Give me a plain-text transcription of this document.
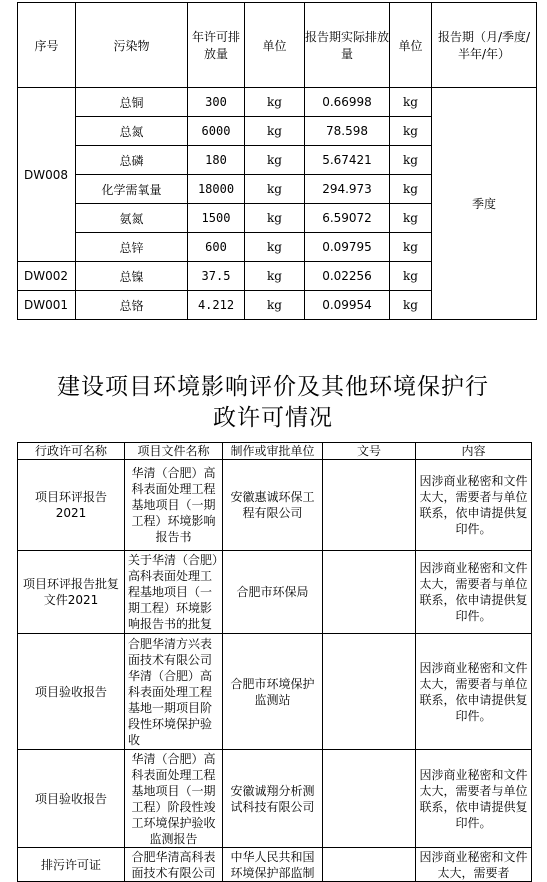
序号	污染物	年许可排放量	单位	报告期实际排放量	单位	报告期（月/季度/半年/年）
DW008	总铜	300	kg	0.66998	kg	季度
	总氮	6000	kg	78.598	kg	
	总磷	180	kg	5.67421	kg	
	化学需氧量	18000	kg	294.973	kg	
	氨氮	1500	kg	6.59072	kg	
	总锌	600	kg	0.09795	kg	
DW002	总镍	37.5	kg	0.02256	kg	
DW001	总铬	4.212	kg	0.09954	kg	
建设项目环境影响评价及其他环境保护行
政许可情况
行政许可名称	项目文件名称	制作或审批单位	文号	内容
项目环评报告2021	华清（合肥）高科表面处理工程基地项目（一期工程）环境影响报告书	安徽惠诚环保工程有限公司		因涉商业秘密和文件太大，需要者与单位联系，依申请提供复印件。
项目环评报告批复文件2021	关于华清（合肥）高科表面处理工程基地项目（一期工程）环境影响报告书的批复	合肥市环保局		因涉商业秘密和文件太大，需要者与单位联系，依申请提供复印件。
项目验收报告	合肥华清方兴表面技术有限公司华清（合肥）高科表面处理工程基地一期项目阶段性环境保护验收	合肥市环境保护监测站		因涉商业秘密和文件太大，需要者与单位联系，依申请提供复印件。
项目验收报告	华清（合肥）高科表面处理工程基地项目（一期工程）阶段性竣工环境保护验收监测报告	安徽诚翔分析测试科技有限公司		因涉商业秘密和文件太大，需要者与单位联系，依申请提供复印件。
排污许可证	合肥华清高科表面技术有限公司	中华人民共和国环境保护部监制		因涉商业秘密和文件太大，需要者
